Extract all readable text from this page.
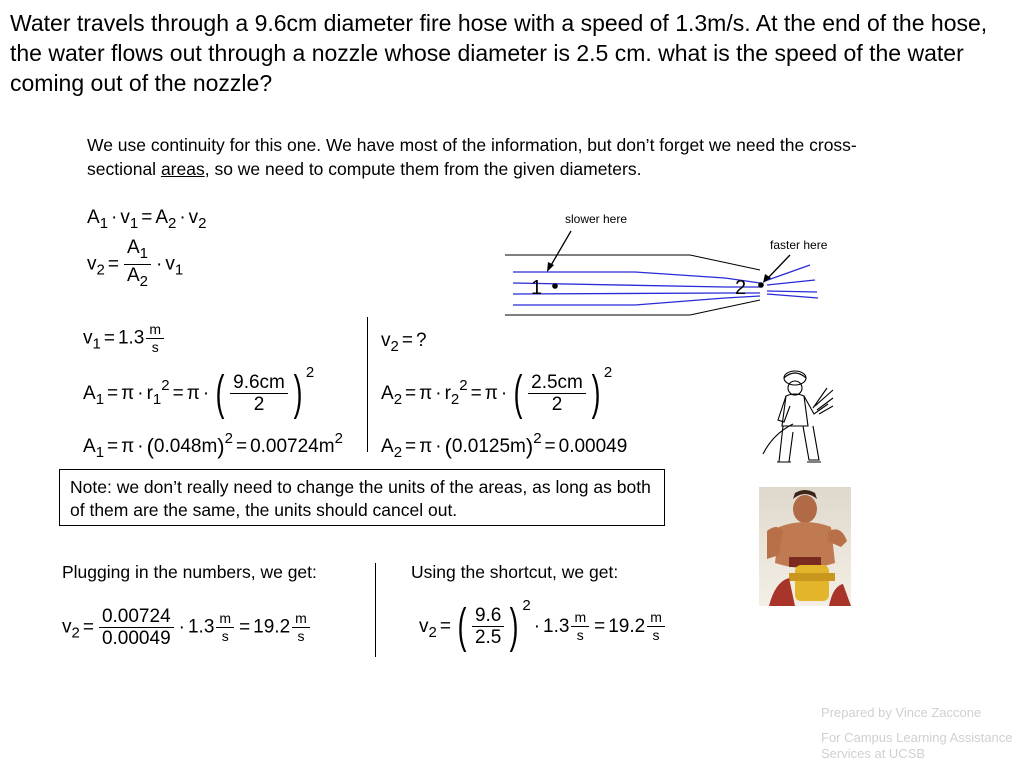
Water travels through a 9.6cm diameter fire hose with a speed of 1.3m/s. At the end of the hose, the water flows out through a nozzle whose diameter is 2.5 cm. what is the speed of the water coming out of the nozzle?
We use continuity for this one. We have most of the information, but don’t forget we need the cross-sectional areas, so we need to compute them from the given diameters.
$A_1 \cdot v_1 = A_2 \cdot v_2$
$v_2 = \frac{A_1}{A_2} \cdot v_1$
1	2
slower here
faster here
$v_1 = 1.3 \frac{m}{s}$
$A_1 = \pi \cdot r_1^2 = \pi$ · ( $\frac{9.6cm}{2}$ ) $^2$
$A_1 = \pi \cdot (0.048m)^2 = 0.00724m^2$
$v_2$ = ?
$A_2 = \pi \cdot r_2^2 = \pi$ · ( $\frac{2.5cm}{2}$ ) $^2$
$A_2 = \pi \cdot (0.0125m)^2 = 0.00049$
Note: we don’t really need to change the units of the areas, as long as both of them are the same, the units should cancel out.
Plugging in the numbers, we get:
$v_2 = \frac{0.00724}{0.00049} \cdot 1.3 \frac{m}{s} = 19.2 \frac{m}{s}$
Using the shortcut, we get:
$v_2$ = ( $\frac{9.6}{2.5}$ ) $^2\cdot 1.3 \frac{m}{s} = 19.2 \frac{m}{s}$
Prepared by Vince Zaccone
For Campus Learning Assistance Services at UCSB
